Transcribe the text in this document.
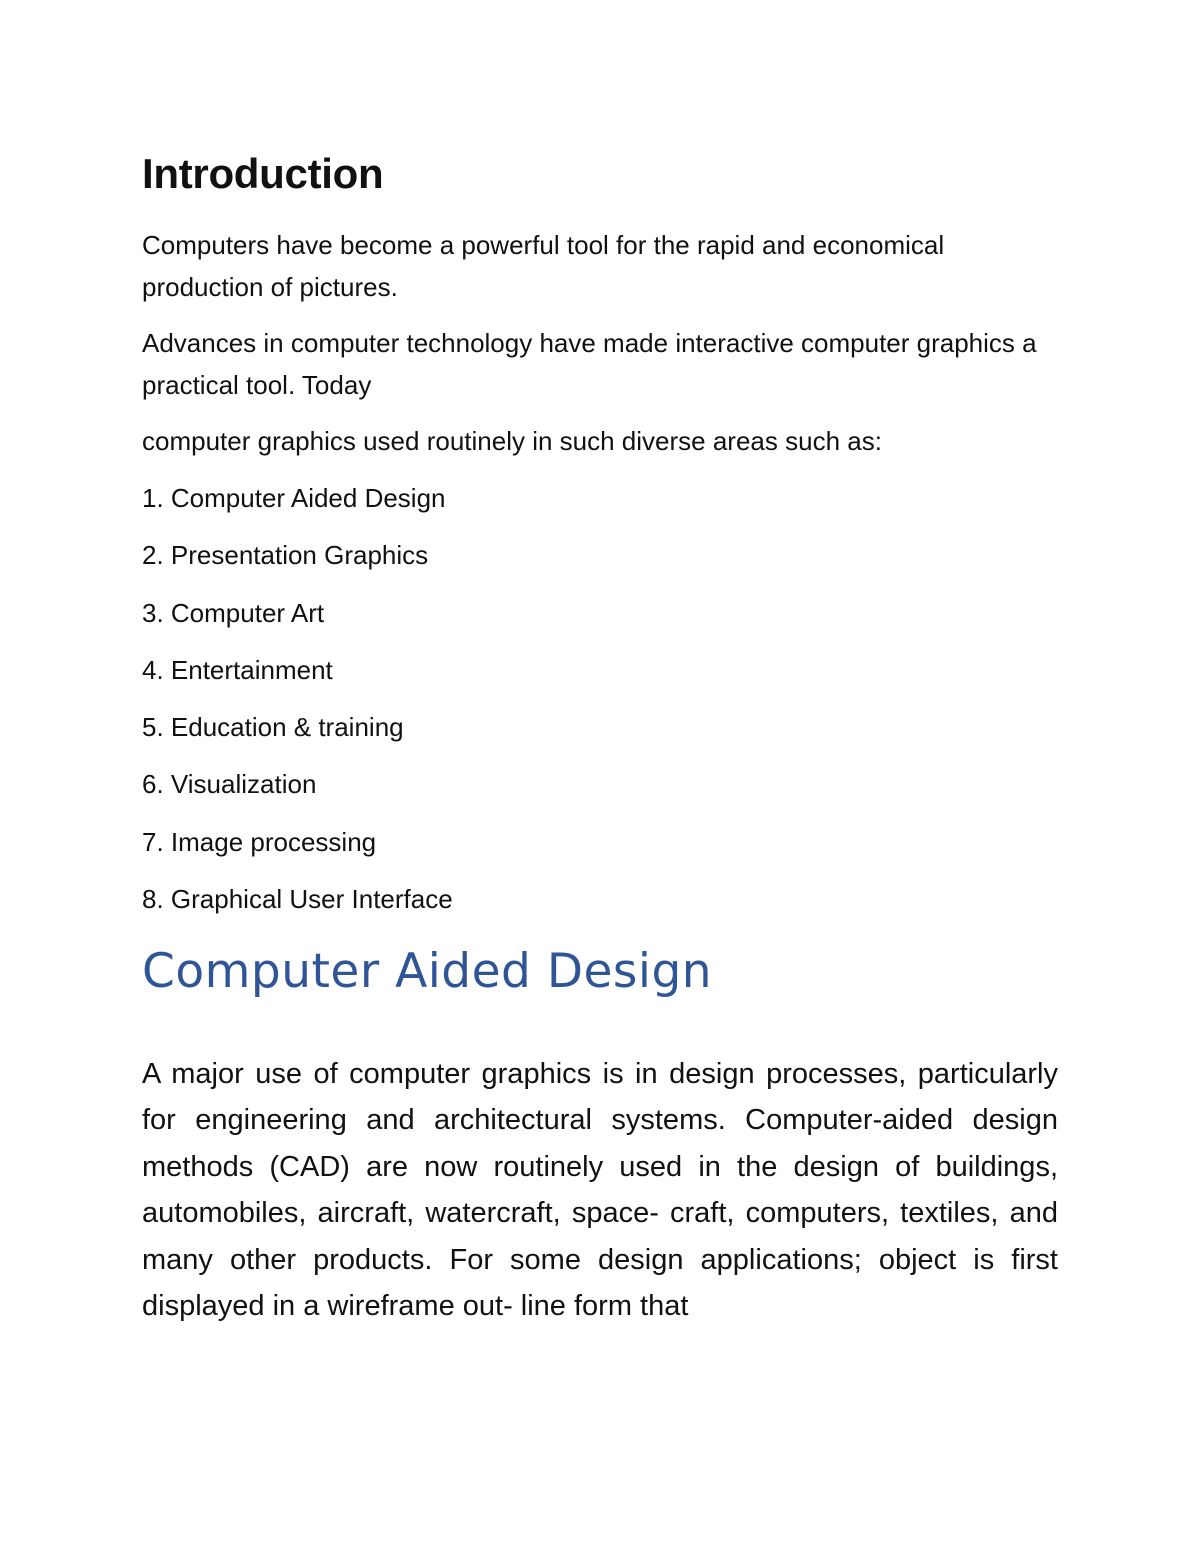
Introduction

Computers have become a powerful tool for the rapid and economical production of pictures.

Advances in computer technology have made interactive computer graphics a practical tool. Today

computer graphics used routinely in such diverse areas such as:

1. Computer Aided Design
2. Presentation Graphics
3. Computer Art
4. Entertainment
5. Education & training
6. Visualization
7. Image processing
8. Graphical User Interface
Computer Aided Design

A major use of computer graphics is in design processes, particularly for engineering and architectural systems. Computer-aided design methods (CAD) are now routinely used in the design of buildings, automobiles, aircraft, watercraft, space- craft, computers, textiles, and many other products. For some design applications; object is first displayed in a wireframe out- line form that
